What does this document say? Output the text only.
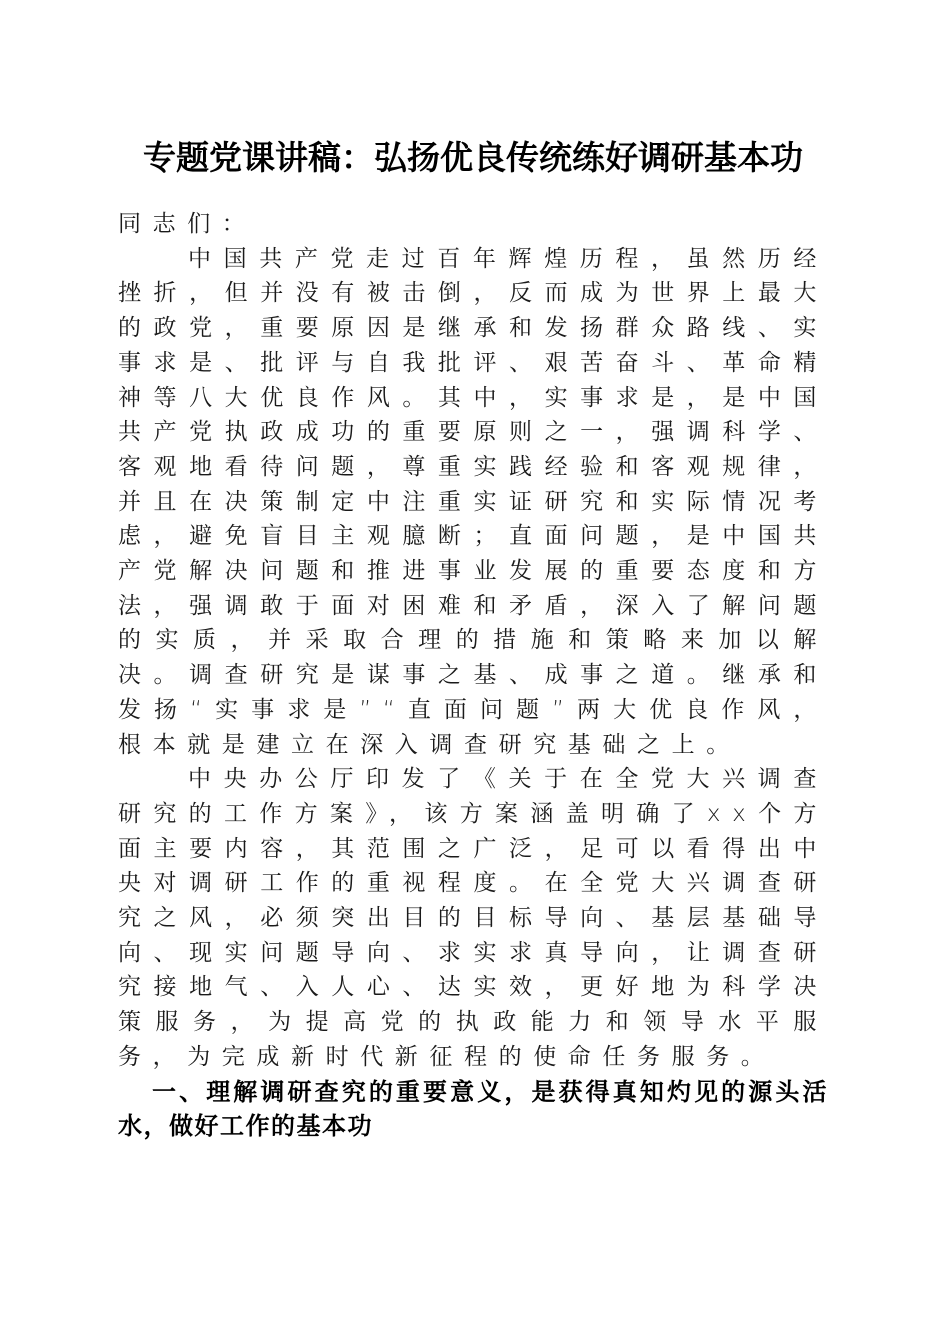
专题党课讲稿：弘扬优良传统练好调研基本功

同志们：

中国共产党走过百年辉煌历程，虽然历经挫折，但并没有被击倒，反而成为世界上最大的政党，重要原因是继承和发扬群众路线、实事求是、批评与自我批评、艰苦奋斗、革命精神等八大优良作风。其中，实事求是，是中国共产党执政成功的重要原则之一，强调科学、客观地看待问题，尊重实践经验和客观规律，并且在决策制定中注重实证研究和实际情况考虑，避免盲目主观臆断；直面问题，是中国共产党解决问题和推进事业发展的重要态度和方法，强调敢于面对困难和矛盾，深入了解问题的实质，并采取合理的措施和策略来加以解决。调查研究是谋事之基、成事之道。继承和发扬“实事求是”“直面问题”两大优良作风，根本就是建立在深入调查研究基础之上。

中央办公厅印发了《关于在全党大兴调查研究的工作方案》，该方案涵盖明确了xx个方面主要内容，其范围之广泛，足可以看得出中央对调研工作的重视程度。在全党大兴调查研究之风，必须突出目的目标导向、基层基础导向、现实问题导向、求实求真导向，让调查研究接地气、入人心、达实效，更好地为科学决策服务，为提高党的执政能力和领导水平服务，为完成新时代新征程的使命任务服务。

一、理解调研查究的重要意义，是获得真知灼见的源头活水，做好工作的基本功
